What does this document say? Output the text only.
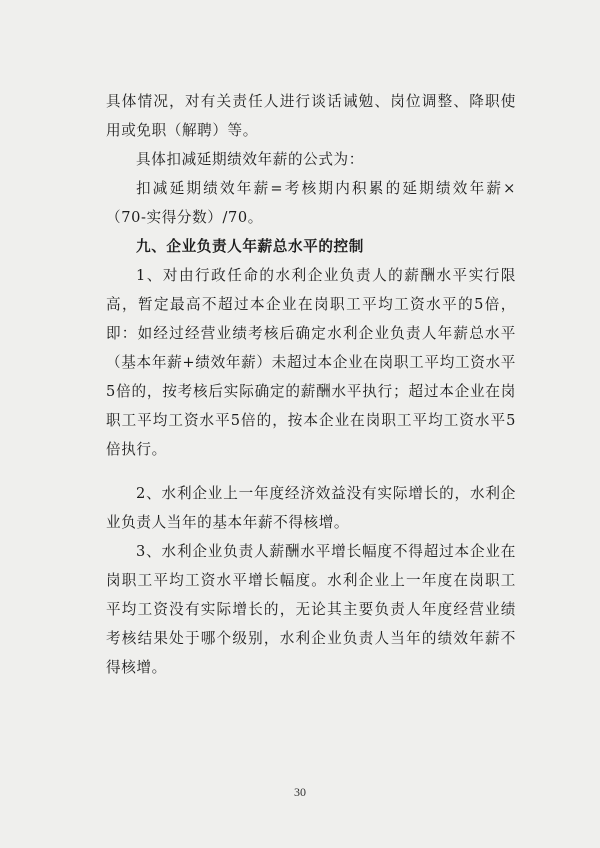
具体情况，对有关责任人进行谈话诫勉、岗位调整、降职使用或免职（解聘）等。

具体扣减延期绩效年薪的公式为：

扣减延期绩效年薪=考核期内积累的延期绩效年薪×（70-实得分数）/70。

九、企业负责人年薪总水平的控制

1、对由行政任命的水利企业负责人的薪酬水平实行限高，暂定最高不超过本企业在岗职工平均工资水平的5倍，即：如经过经营业绩考核后确定水利企业负责人年薪总水平（基本年薪+绩效年薪）未超过本企业在岗职工平均工资水平5倍的，按考核后实际确定的薪酬水平执行；超过本企业在岗职工平均工资水平5倍的，按本企业在岗职工平均工资水平5倍执行。

2、水利企业上一年度经济效益没有实际增长的，水利企业负责人当年的基本年薪不得核增。

3、水利企业负责人薪酬水平增长幅度不得超过本企业在岗职工平均工资水平增长幅度。水利企业上一年度在岗职工平均工资没有实际增长的，无论其主要负责人年度经营业绩考核结果处于哪个级别，水利企业负责人当年的绩效年薪不得核增。

30
